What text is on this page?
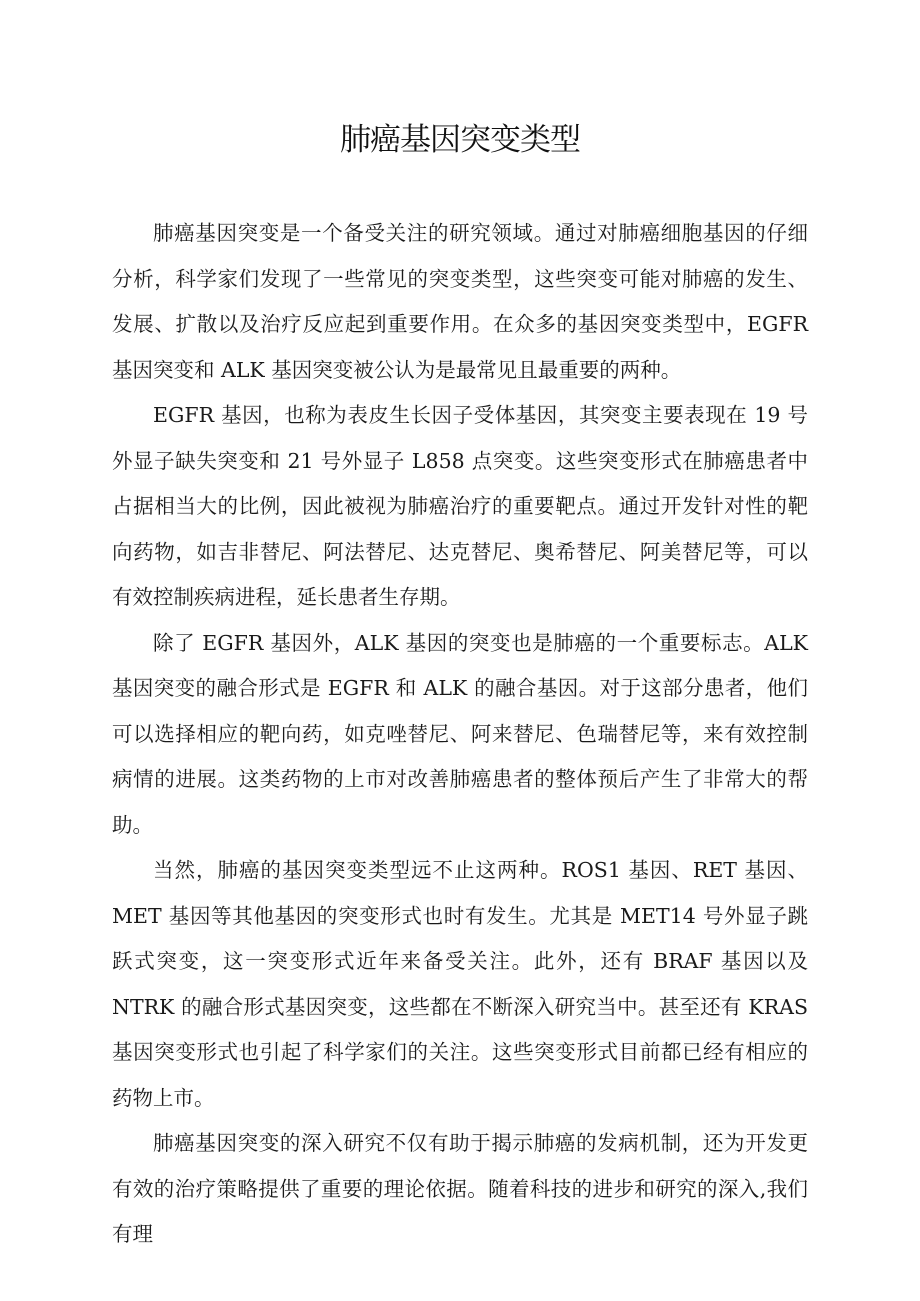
肺癌基因突变类型

肺癌基因突变是一个备受关注的研究领域。通过对肺癌细胞基因的仔细分析，科学家们发现了一些常见的突变类型，这些突变可能对肺癌的发生、发展、扩散以及治疗反应起到重要作用。在众多的基因突变类型中，EGFR 基因突变和 ALK 基因突变被公认为是最常见且最重要的两种。

EGFR 基因，也称为表皮生长因子受体基因，其突变主要表现在 19 号外显子缺失突变和 21 号外显子 L858 点突变。这些突变形式在肺癌患者中占据相当大的比例，因此被视为肺癌治疗的重要靶点。通过开发针对性的靶向药物，如吉非替尼、阿法替尼、达克替尼、奥希替尼、阿美替尼等，可以有效控制疾病进程，延长患者生存期。

除了 EGFR 基因外，ALK 基因的突变也是肺癌的一个重要标志。ALK 基因突变的融合形式是 EGFR 和 ALK 的融合基因。对于这部分患者，他们可以选择相应的靶向药，如克唑替尼、阿来替尼、色瑞替尼等，来有效控制病情的进展。这类药物的上市对改善肺癌患者的整体预后产生了非常大的帮助。

当然，肺癌的基因突变类型远不止这两种。ROS1 基因、RET 基因、MET 基因等其他基因的突变形式也时有发生。尤其是 MET14 号外显子跳跃式突变，这一突变形式近年来备受关注。此外，还有 BRAF 基因以及 NTRK 的融合形式基因突变，这些都在不断深入研究当中。甚至还有 KRAS 基因突变形式也引起了科学家们的关注。这些突变形式目前都已经有相应的药物上市。

肺癌基因突变的深入研究不仅有助于揭示肺癌的发病机制，还为开发更有效的治疗策略提供了重要的理论依据。随着科技的进步和研究的深入,我们有理
